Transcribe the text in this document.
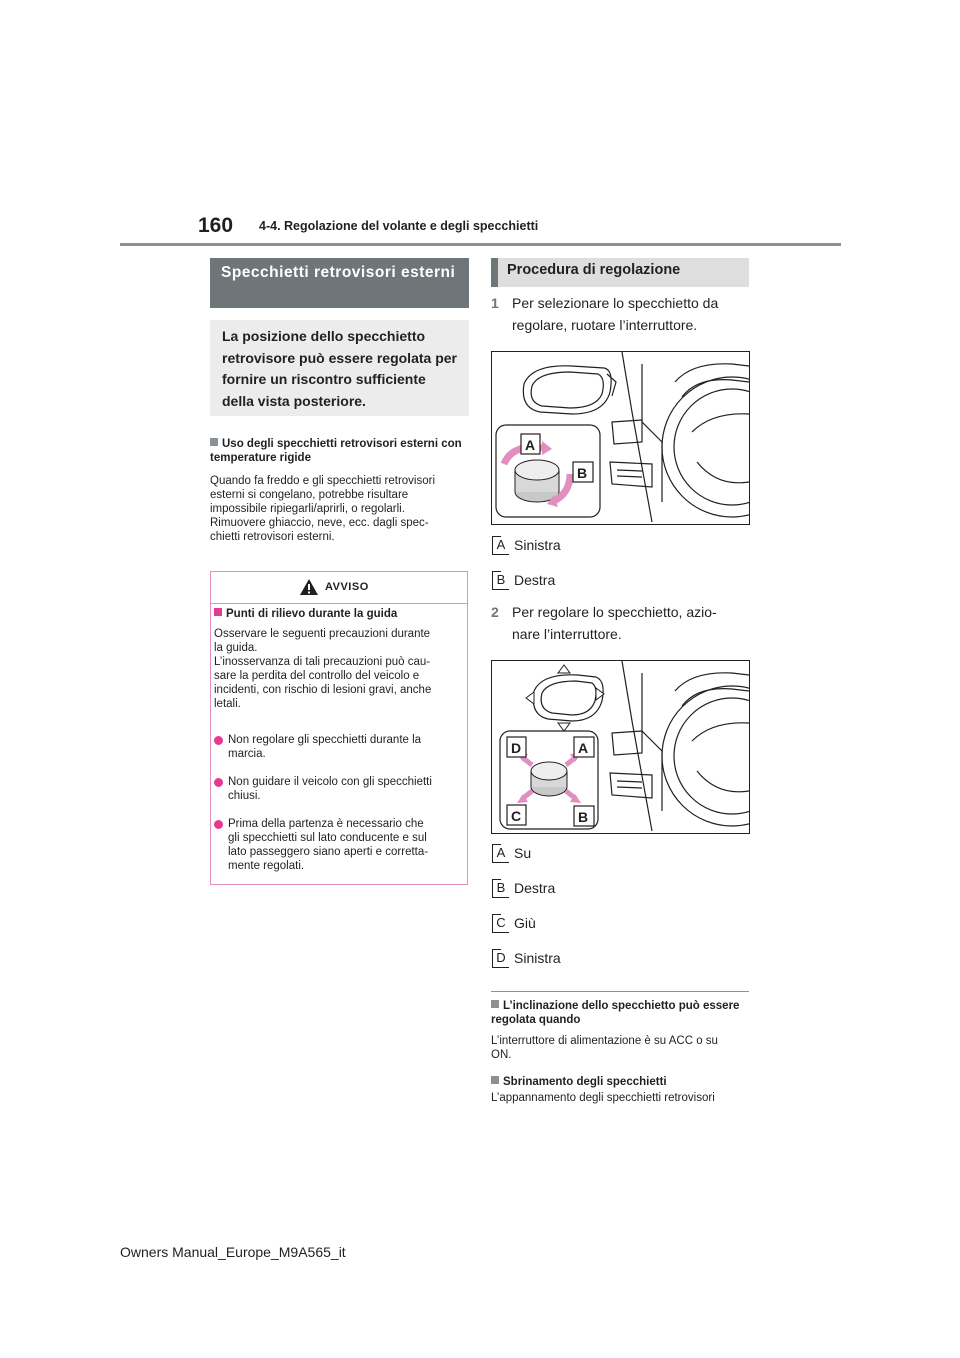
160 4-4. Regolazione del volante e degli specchietti
Specchietti retrovisori esterni
La posizione dello specchietto retrovisore può essere regolata per fornire un riscontro sufficiente della vista posteriore.
Uso degli specchietti retrovisori esterni con temperature rigide
Quando fa freddo e gli specchietti retrovisori
esterni si congelano, potrebbe risultare
impossibile ripiegarli/aprirli, o regolarli.
Rimuovere ghiaccio, neve, ecc. dagli spec-
chietti retrovisori esterni.
AVVISO
Punti di rilievo durante la guida
Osservare le seguenti precauzioni durante
la guida.
L’inosservanza di tali precauzioni può cau-
sare la perdita del controllo del veicolo e
incidenti, con rischio di lesioni gravi, anche
letali.
Non regolare gli specchietti durante la
marcia.
Non guidare il veicolo con gli specchietti
chiusi.
Prima della partenza è necessario che
gli specchietti sul lato conducente e sul
lato passeggero siano aperti e corretta-
mente regolati.
Procedura di regolazione
1 Per selezionare lo specchietto da
regolare, ruotare l’interruttore.
A
B
A Sinistra
B Destra
2 Per regolare lo specchietto, azio-
nare l’interruttore.
D	A
C	B
A Su
B Destra
C Giù
D Sinistra
L’inclinazione dello specchietto può essere regolata quando
L’interruttore di alimentazione è su ACC o su
ON.
Sbrinamento degli specchietti
L’appannamento degli specchietti retrovisori
Owners Manual_Europe_M9A565_it
